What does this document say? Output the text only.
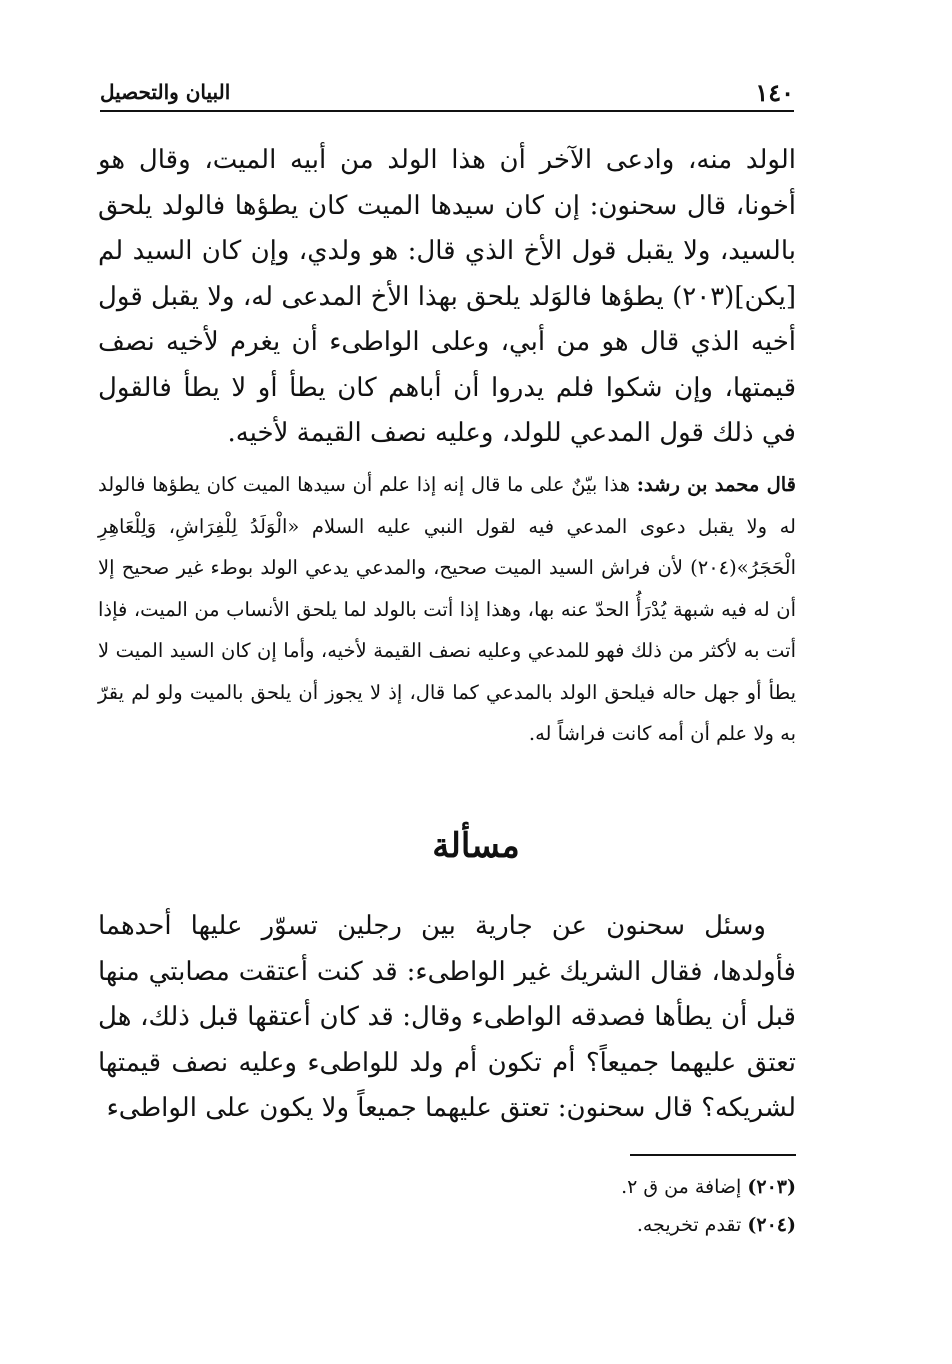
١٤٠
البيان والتحصيل

الولد منه، وادعى الآخر أن هذا الولد من أبيه الميت، وقال هو أخونا، قال سحنون: إن كان سيدها الميت كان يطؤها فالولد يلحق بالسيد، ولا يقبل قول الأخ الذي قال: هو ولدي، وإن كان السيد لم [يكن](٢٠٣) يطؤها فالوَلد يلحق بهذا الأخ المدعى له، ولا يقبل قول أخيه الذي قال هو من أبي، وعلى الواطىء أن يغرم لأخيه نصف قيمتها، وإن شكوا فلم يدروا أن أباهم كان يطأ أو لا يطأ فالقول في ذلك قول المدعي للولد، وعليه نصف القيمة لأخيه.

قال محمد بن رشد: هذا بيّنٌ على ما قال إنه إذا علم أن سيدها الميت كان يطؤها فالولد له ولا يقبل دعوى المدعي فيه لقول النبي عليه السلام «الْوَلَدُ لِلْفِرَاشِ، وَلِلْعَاهِرِ الْحَجَرُ»(٢٠٤) لأن فراش السيد الميت صحيح، والمدعي يدعي الولد بوطء غير صحيح إلا أن له فيه شبهة يُدْرَأُ الحدّ عنه بها، وهذا إذا أتت بالولد لما يلحق الأنساب من الميت، فإذا أتت به لأكثر من ذلك فهو للمدعي وعليه نصف القيمة لأخيه، وأما إن كان السيد الميت لا يطأ أو جهل حاله فيلحق الولد بالمدعي كما قال، إذ لا يجوز أن يلحق بالميت ولو لم يقرّ به ولا علم أن أمه كانت فراشاً له.

مسألة

وسئل سحنون عن جارية بين رجلين تسوّر عليها أحدهما فأولدها، فقال الشريك غير الواطىء: قد كنت أعتقت مصابتي منها قبل أن يطأها فصدقه الواطىء وقال: قد كان أعتقها قبل ذلك، هل تعتق عليهما جميعاً؟ أم تكون أم ولد للواطىء وعليه نصف قيمتها لشريكه؟ قال سحنون: تعتق عليهما جميعاً ولا يكون على الواطىء

(٢٠٣) إضافة من ق ٢.
(٢٠٤) تقدم تخريجه.
